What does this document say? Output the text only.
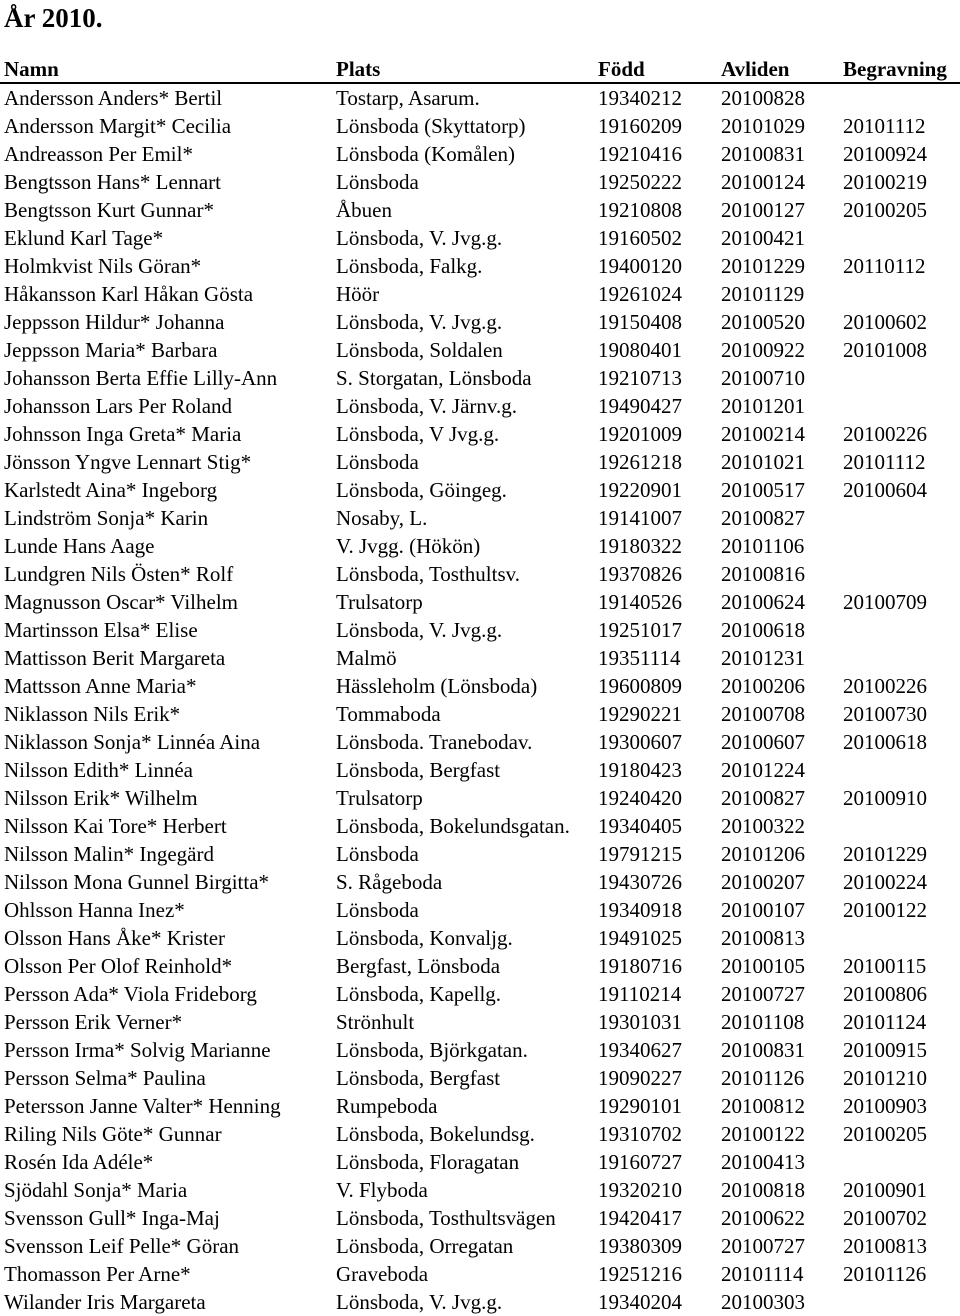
År 2010.
Namn	Plats	Född	Avliden	Begravning
Andersson Anders* Bertil	Tostarp, Asarum.	19340212 20100828
Andersson Margit* Cecilia	Lönsboda (Skyttatorp)	19160209 20101029 20101112
Andreasson Per Emil*	Lönsboda (Komålen)	19210416 20100831 20100924
Bengtsson Hans* Lennart	Lönsboda	19250222 20100124 20100219
Bengtsson Kurt Gunnar*	Åbuen	19210808 20100127 20100205
Eklund Karl Tage*	Lönsboda, V. Jvg.g.	19160502 20100421
Holmkvist Nils Göran*	Lönsboda, Falkg.	19400120 20101229 20110112
Håkansson Karl Håkan Gösta	Höör	19261024 20101129
Jeppsson Hildur* Johanna	Lönsboda, V. Jvg.g.	19150408 20100520 20100602
Jeppsson Maria* Barbara	Lönsboda, Soldalen	19080401 20100922 20101008
Johansson Berta Effie Lilly-Ann	S. Storgatan, Lönsboda	19210713 20100710
Johansson Lars Per Roland	Lönsboda, V. Järnv.g.	19490427 20101201
Johnsson Inga Greta* Maria	Lönsboda, V Jvg.g.	19201009 20100214 20100226
Jönsson Yngve Lennart Stig*	Lönsboda	19261218 20101021 20101112
Karlstedt Aina* Ingeborg	Lönsboda, Göingeg.	19220901 20100517 20100604
Lindström Sonja* Karin	Nosaby, L.	19141007 20100827
Lunde Hans Aage	V. Jvgg. (Hökön)	19180322 20101106
Lundgren Nils Östen* Rolf	Lönsboda, Tosthultsv.	19370826 20100816
Magnusson Oscar* Vilhelm	Trulsatorp	19140526 20100624 20100709
Martinsson Elsa* Elise	Lönsboda, V. Jvg.g.	19251017 20100618
Mattisson Berit Margareta	Malmö	19351114 20101231
Mattsson Anne Maria*	Hässleholm (Lönsboda)	19600809 20100206 20100226
Niklasson Nils Erik*	Tommaboda	19290221 20100708 20100730
Niklasson Sonja* Linnéa Aina	Lönsboda. Tranebodav.	19300607 20100607 20100618
Nilsson Edith* Linnéa	Lönsboda, Bergfast	19180423 20101224
Nilsson Erik* Wilhelm	Trulsatorp	19240420 20100827 20100910
Nilsson Kai Tore* Herbert	Lönsboda, Bokelundsgatan. 19340405 20100322
Nilsson Malin* Ingegärd	Lönsboda	19791215 20101206 20101229
Nilsson Mona Gunnel Birgitta*	S. Rågeboda	19430726 20100207 20100224
Ohlsson Hanna Inez*	Lönsboda	19340918 20100107 20100122
Olsson Hans Åke* Krister	Lönsboda, Konvaljg.	19491025 20100813
Olsson Per Olof Reinhold*	Bergfast, Lönsboda	19180716 20100105 20100115
Persson Ada* Viola Frideborg	Lönsboda, Kapellg.	19110214 20100727 20100806
Persson Erik Verner*	Strönhult	19301031 20101108 20101124
Persson Irma* Solvig Marianne	Lönsboda, Björkgatan.	19340627 20100831 20100915
Persson Selma* Paulina	Lönsboda, Bergfast	19090227 20101126 20101210
Petersson Janne Valter* Henning	Rumpeboda	19290101 20100812 20100903
Riling Nils Göte* Gunnar	Lönsboda, Bokelundsg.	19310702 20100122 20100205
Rosén Ida Adéle*	Lönsboda, Floragatan	19160727 20100413
Sjödahl Sonja* Maria	V. Flyboda	19320210 20100818 20100901
Svensson Gull* Inga-Maj	Lönsboda, Tosthultsvägen 19420417 20100622 20100702
Svensson Leif Pelle* Göran	Lönsboda, Orregatan	19380309 20100727 20100813
Thomasson Per Arne*	Graveboda	19251216 20101114 20101126
Wilander Iris Margareta	Lönsboda, V. Jvg.g.	19340204 20100303
